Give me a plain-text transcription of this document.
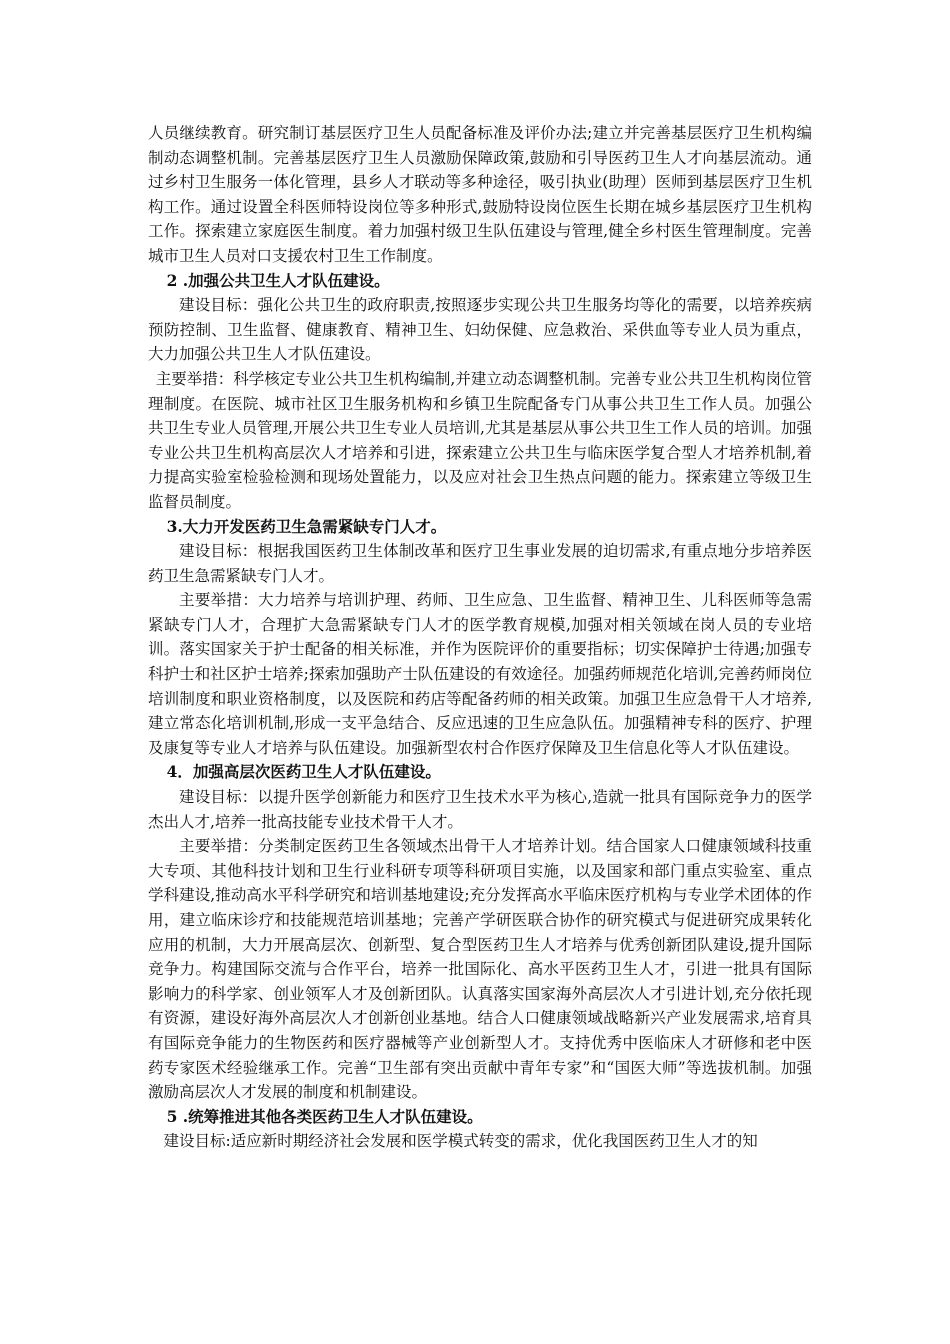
人员继续教育。研究制订基层医疗卫生人员配备标准及评价办法;建立并完善基层医疗卫生机构编制动态调整机制。完善基层医疗卫生人员激励保障政策,鼓励和引导医药卫生人才向基层流动。通过乡村卫生服务一体化管理，县乡人才联动等多种途径，吸引执业(助理）医师到基层医疗卫生机构工作。通过设置全科医师特设岗位等多种形式,鼓励特设岗位医生长期在城乡基层医疗卫生机构工作。探索建立家庭医生制度。着力加强村级卫生队伍建设与管理,健全乡村医生管理制度。完善城市卫生人员对口支援农村卫生工作制度。

2 .加强公共卫生人才队伍建设。

建设目标：强化公共卫生的政府职责,按照逐步实现公共卫生服务均等化的需要，以培养疾病预防控制、卫生监督、健康教育、精神卫生、妇幼保健、应急救治、采供血等专业人员为重点，大力加强公共卫生人才队伍建设。

主要举措：科学核定专业公共卫生机构编制,并建立动态调整机制。完善专业公共卫生机构岗位管理制度。在医院、城市社区卫生服务机构和乡镇卫生院配备专门从事公共卫生工作人员。加强公共卫生专业人员管理,开展公共卫生专业人员培训,尤其是基层从事公共卫生工作人员的培训。加强专业公共卫生机构高层次人才培养和引进，探索建立公共卫生与临床医学复合型人才培养机制,着力提高实验室检验检测和现场处置能力，以及应对社会卫生热点问题的能力。探索建立等级卫生监督员制度。

3.大力开发医药卫生急需紧缺专门人才。

建设目标：根据我国医药卫生体制改革和医疗卫生事业发展的迫切需求,有重点地分步培养医药卫生急需紧缺专门人才。

主要举措：大力培养与培训护理、药师、卫生应急、卫生监督、精神卫生、儿科医师等急需紧缺专门人才，合理扩大急需紧缺专门人才的医学教育规模,加强对相关领域在岗人员的专业培训。落实国家关于护士配备的相关标准，并作为医院评价的重要指标；切实保障护士待遇;加强专科护士和社区护士培养;探索加强助产士队伍建设的有效途径。加强药师规范化培训,完善药师岗位培训制度和职业资格制度，以及医院和药店等配备药师的相关政策。加强卫生应急骨干人才培养,建立常态化培训机制,形成一支平急结合、反应迅速的卫生应急队伍。加强精神专科的医疗、护理及康复等专业人才培养与队伍建设。加强新型农村合作医疗保障及卫生信息化等人才队伍建设。

4．加强高层次医药卫生人才队伍建设。

建设目标：以提升医学创新能力和医疗卫生技术水平为核心,造就一批具有国际竞争力的医学杰出人才,培养一批高技能专业技术骨干人才。

主要举措：分类制定医药卫生各领域杰出骨干人才培养计划。结合国家人口健康领域科技重大专项、其他科技计划和卫生行业科研专项等科研项目实施，以及国家和部门重点实验室、重点学科建设,推动高水平科学研究和培训基地建设;充分发挥高水平临床医疗机构与专业学术团体的作用，建立临床诊疗和技能规范培训基地；完善产学研医联合协作的研究模式与促进研究成果转化应用的机制，大力开展高层次、创新型、复合型医药卫生人才培养与优秀创新团队建设,提升国际竞争力。构建国际交流与合作平台，培养一批国际化、高水平医药卫生人才，引进一批具有国际影响力的科学家、创业领军人才及创新团队。认真落实国家海外高层次人才引进计划,充分依托现有资源，建设好海外高层次人才创新创业基地。结合人口健康领域战略新兴产业发展需求,培育具有国际竞争能力的生物医药和医疗器械等产业创新型人才。支持优秀中医临床人才研修和老中医药专家医术经验继承工作。完善“卫生部有突出贡献中青年专家”和“国医大师”等选拔机制。加强激励高层次人才发展的制度和机制建设。

5 .统筹推进其他各类医药卫生人才队伍建设。

建设目标:适应新时期经济社会发展和医学模式转变的需求，优化我国医药卫生人才的知
